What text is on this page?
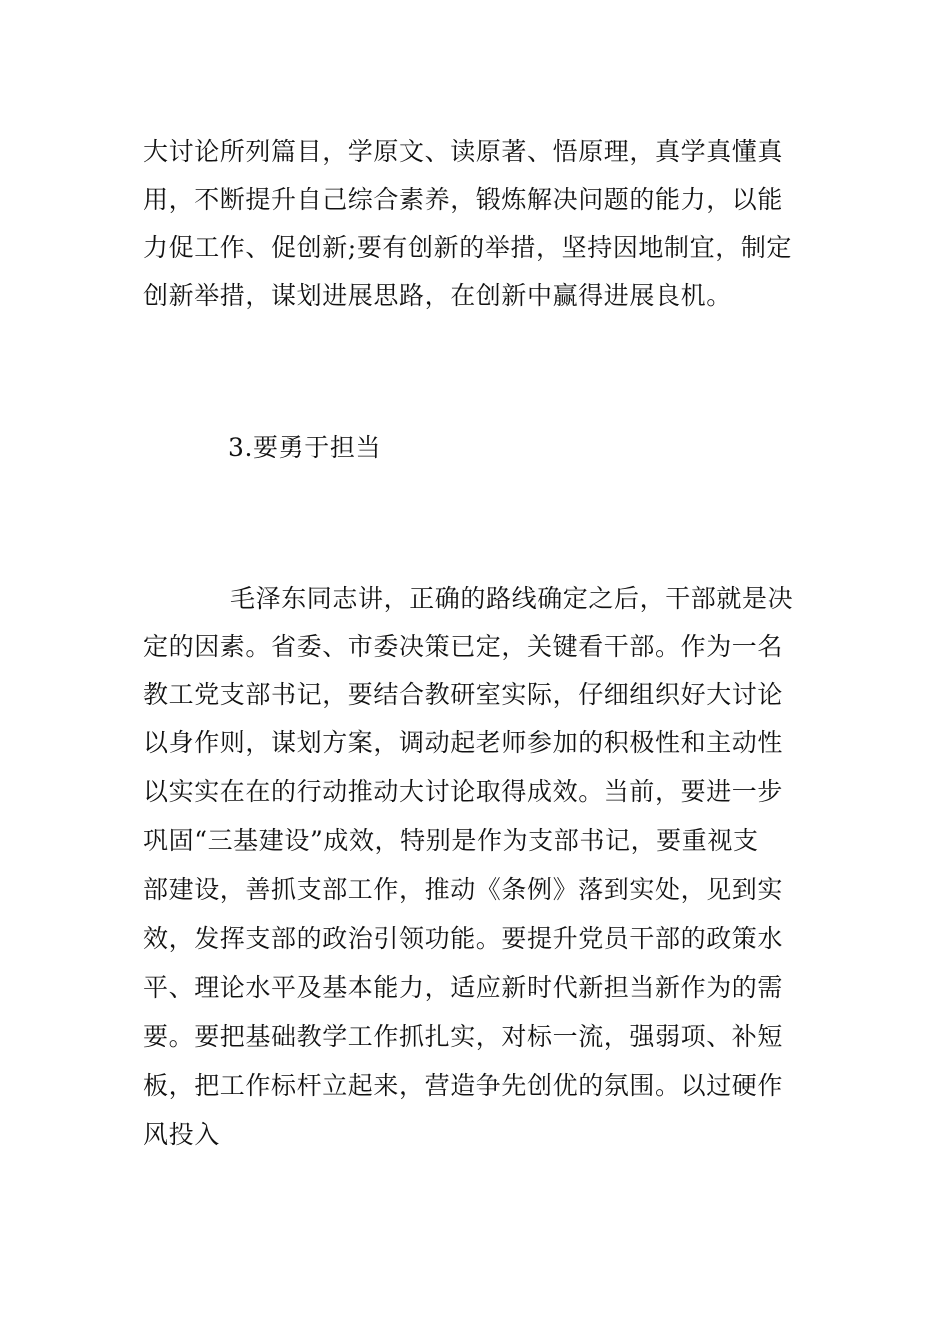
大讨论所列篇目，学原文、读原著、悟原理，真学真懂真
用，不断提升自己综合素养，锻炼解决问题的能力，以能
力促工作、促创新;要有创新的举措，坚持因地制宜，制定
创新举措，谋划进展思路，在创新中赢得进展良机。
3.要勇于担当
毛泽东同志讲，正确的路线确定之后，干部就是决
定的因素。省委、市委决策已定，关键看干部。作为一名
教工党支部书记，要结合教研室实际，仔细组织好大讨论
以身作则，谋划方案，调动起老师参加的积极性和主动性
以实实在在的行动推动大讨论取得成效。当前，要进一步
巩固“三基建设”成效，特别是作为支部书记，要重视支
部建设，善抓支部工作，推动《条例》落到实处，见到实
效，发挥支部的政治引领功能。要提升党员干部的政策水
平、理论水平及基本能力，适应新时代新担当新作为的需
要。要把基础教学工作抓扎实，对标一流，强弱项、补短
板，把工作标杆立起来，营造争先创优的氛围。以过硬作
风投入
